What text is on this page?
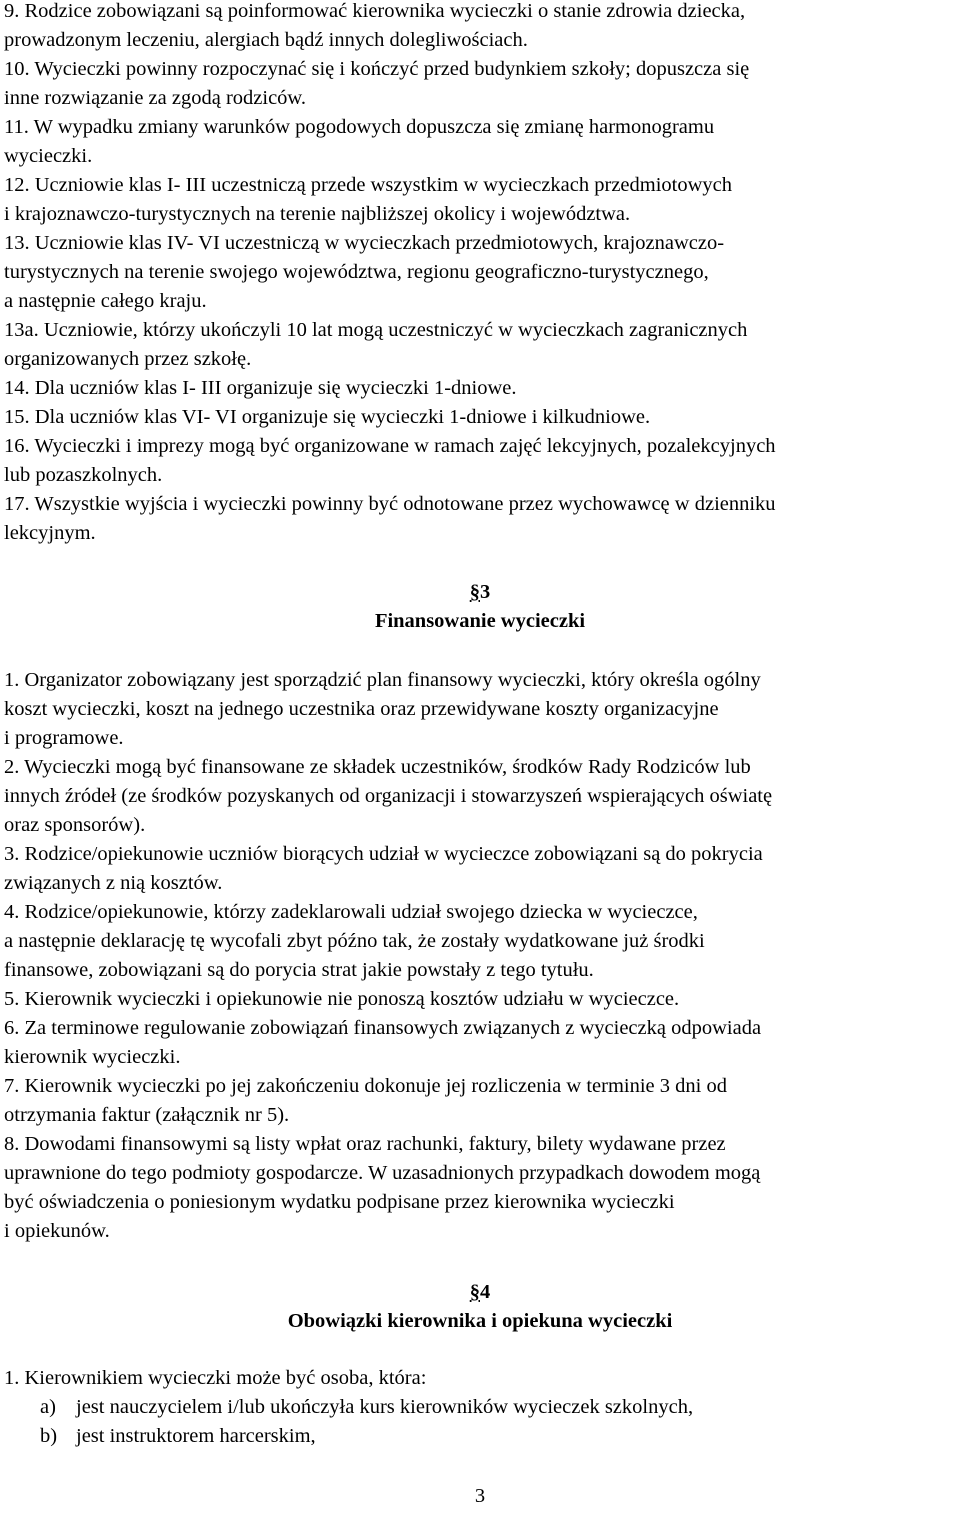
9. Rodzice zobowiązani są poinformować kierownika wycieczki o stanie zdrowia dziecka,
prowadzonym leczeniu, alergiach bądź innych dolegliwościach.
10. Wycieczki powinny rozpoczynać się i kończyć przed budynkiem szkoły; dopuszcza się
inne rozwiązanie za zgodą rodziców.
11. W wypadku zmiany warunków pogodowych dopuszcza się zmianę harmonogramu
wycieczki.
12. Uczniowie klas I- III uczestniczą przede wszystkim w wycieczkach przedmiotowych
i krajoznawczo-turystycznych na terenie najbliższej okolicy i województwa.
13. Uczniowie klas IV- VI uczestniczą w wycieczkach przedmiotowych, krajoznawczo-
turystycznych na terenie swojego województwa, regionu geograficzno-turystycznego,
a następnie całego kraju.
13a. Uczniowie, którzy ukończyli 10 lat mogą uczestniczyć w wycieczkach zagranicznych
organizowanych przez szkołę.
14. Dla uczniów klas I- III organizuje się wycieczki 1-dniowe.
15. Dla uczniów klas VI- VI organizuje się wycieczki 1-dniowe i kilkudniowe.
16. Wycieczki i imprezy mogą być organizowane w ramach zajęć lekcyjnych, pozalekcyjnych
lub pozaszkolnych.
17. Wszystkie wyjścia i wycieczki powinny być odnotowane przez wychowawcę w dzienniku
lekcyjnym.
§3
Finansowanie wycieczki
1. Organizator zobowiązany jest sporządzić plan finansowy wycieczki, który określa ogólny
koszt wycieczki, koszt na jednego uczestnika oraz przewidywane koszty organizacyjne
i programowe.
2. Wycieczki mogą być finansowane ze składek uczestników, środków Rady Rodziców lub
innych źródeł (ze środków pozyskanych od organizacji i stowarzyszeń wspierających oświatę
oraz sponsorów).
3. Rodzice/opiekunowie uczniów biorących udział w wycieczce zobowiązani są do pokrycia
związanych z nią kosztów.
4. Rodzice/opiekunowie, którzy zadeklarowali udział swojego dziecka w wycieczce,
a następnie deklarację tę wycofali zbyt późno tak, że zostały wydatkowane już środki
finansowe, zobowiązani są do porycia strat jakie powstały z tego tytułu.
5. Kierownik wycieczki i opiekunowie nie ponoszą kosztów udziału w wycieczce.
6. Za terminowe regulowanie zobowiązań finansowych związanych z wycieczką odpowiada
kierownik wycieczki.
7. Kierownik wycieczki po jej zakończeniu dokonuje jej rozliczenia w terminie 3 dni od
otrzymania faktur (załącznik nr 5).
8. Dowodami finansowymi są listy wpłat oraz rachunki, faktury, bilety wydawane przez
uprawnione do tego podmioty gospodarcze. W uzasadnionych przypadkach dowodem mogą
być oświadczenia o poniesionym wydatku podpisane przez kierownika wycieczki
i opiekunów.
§4
Obowiązki kierownika i opiekuna wycieczki
1. Kierownikiem wycieczki może być osoba, która:
a) jest nauczycielem i/lub ukończyła kurs kierowników wycieczek szkolnych,
b) jest instruktorem harcerskim,
3
